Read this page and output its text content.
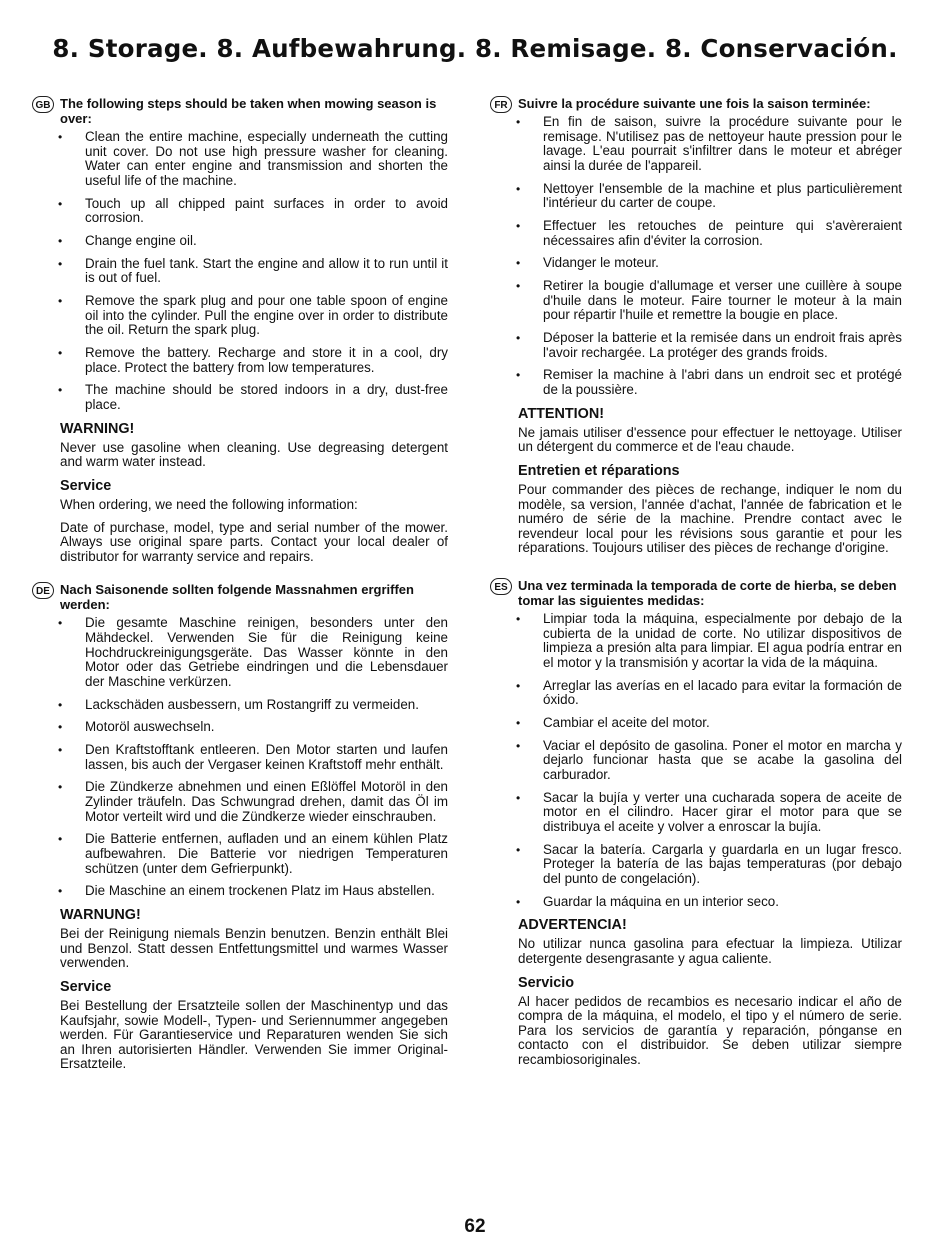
8. Storage. 8. Aufbewahrung. 8. Remisage. 8. Conservación.
GB The following steps should be taken when mowing season is over:
• Clean the entire machine, especially underneath the cutting unit cover. Do not use high pressure washer for cleaning. Water can enter engine and transmission and shorten the useful life of the machine.
• Touch up all chipped paint surfaces in order to avoid corrosion.
• Change engine oil.
• Drain the fuel tank. Start the engine and allow it to run until it is out of fuel.
• Remove the spark plug and pour one table spoon of engine oil into the cylinder. Pull the engine over in order to distribute the oil. Return the spark plug.
• Remove the battery. Recharge and store it in a cool, dry place. Protect the battery from low temperatures.
• The machine should be stored indoors in a dry, dust-free place.
WARNING!
Never use gasoline when cleaning. Use degreasing detergent and warm water instead.
Service
When ordering, we need the following information:
Date of purchase, model, type and serial number of the mower. Always use original spare parts. Contact your local dealer of distributor for warranty service and repairs.
DE Nach Saisonende sollten folgende Massnahmen ergriffen werden:
• Die gesamte Maschine reinigen, besonders unter den Mähdeckel. Verwenden Sie für die Reinigung keine Hochdruckreinigungsgeräte. Das Wasser könnte in den Motor oder das Getriebe eindringen und die Lebensdauer der Maschine verkürzen.
• Lackschäden ausbessern, um Rostangriff zu vermeiden.
• Motoröl auswechseln.
• Den Kraftstofftank entleeren. Den Motor starten und laufen lassen, bis auch der Vergaser keinen Kraftstoff mehr enthält.
• Die Zündkerze abnehmen und einen Eßlöffel Motoröl in den Zylinder träufeln. Das Schwungrad drehen, damit das Öl im Motor verteilt wird und die Zündkerze wieder einschrauben.
• Die Batterie entfernen, aufladen und an einem kühlen Platz aufbewahren. Die Batterie vor niedrigen Temperaturen schützen (unter dem Gefrierpunkt).
• Die Maschine an einem trockenen Platz im Haus abstellen.
WARNUNG!
Bei der Reinigung niemals Benzin benutzen. Benzin enthält Blei und Benzol. Statt dessen Entfettungsmittel und warmes Wasser verwenden.
Service
Bei Bestellung der Ersatzteile sollen der Maschinentyp und das Kaufsjahr, sowie Modell-, Typen- und Seriennummer angegeben werden. Für Garantieservice und Reparaturen wenden Sie sich an Ihren autorisierten Händler. Verwenden Sie immer Original-Ersatzteile.
FR Suivre la procédure suivante une fois la saison terminée:
• En fin de saison, suivre la procédure suivante pour le remisage. N'utilisez pas de nettoyeur haute pression pour le lavage. L'eau pourrait s'infiltrer dans le moteur et abréger ainsi la durée de l'appareil.
• Nettoyer l'ensemble de la machine et plus particulièrement l'intérieur du carter de coupe.
• Effectuer les retouches de peinture qui s'avèreraient nécessaires afin d'éviter la corrosion.
• Vidanger le moteur.
• Retirer la bougie d'allumage et verser une cuillère à soupe d'huile dans le moteur. Faire tourner le moteur à la main pour répartir l'huile et remettre la bougie en place.
• Déposer la batterie et la remisée dans un endroit frais après l'avoir rechargée. La protéger des grands froids.
• Remiser la machine à l'abri dans un endroit sec et protégé de la poussière.
ATTENTION!
Ne jamais utiliser d'essence pour effectuer le nettoyage. Utiliser un détergent du commerce et de l'eau chaude.
Entretien et réparations
Pour commander des pièces de rechange, indiquer le nom du modèle, sa version, l'année d'achat, l'année de fabrication et le numéro de série de la machine. Prendre contact avec le revendeur local pour les révisions sous garantie et pour les réparations. Toujours utiliser des pièces de rechange d'origine.
ES Una vez terminada la temporada de corte de hierba, se deben tomar las siguientes medidas:
• Limpiar toda la máquina, especialmente por debajo de la cubierta de la unidad de corte. No utilizar dispositivos de limpieza a presión alta para limpiar. El agua podría entrar en el motor y la transmisión y acortar la vida de la máquina.
• Arreglar las averías en el lacado para evitar la formación de óxido.
• Cambiar el aceite del motor.
• Vaciar el depósito de gasolina. Poner el motor en marcha y dejarlo funcionar hasta que se acabe la gasolina del carburador.
• Sacar la bujía y verter una cucharada sopera de aceite de motor en el cilindro. Hacer girar el motor para que se distribuya el aceite y volver a enroscar la bujía.
• Sacar la batería. Cargarla y guardarla en un lugar fresco. Proteger la batería de las bajas temperaturas (por debajo del punto de congelación).
• Guardar la máquina en un interior seco.
ADVERTENCIA!
No utilizar nunca gasolina para efectuar la limpieza. Utilizar detergente desengrasante y agua caliente.
Servicio
Al hacer pedidos de recambios es necesario indicar el año de compra de la máquina, el modelo, el tipo y el número de serie. Para los servicios de garantía y reparación, pónganse en contacto con el distribuidor. Se deben utilizar siempre recambiosoriginales.
62
